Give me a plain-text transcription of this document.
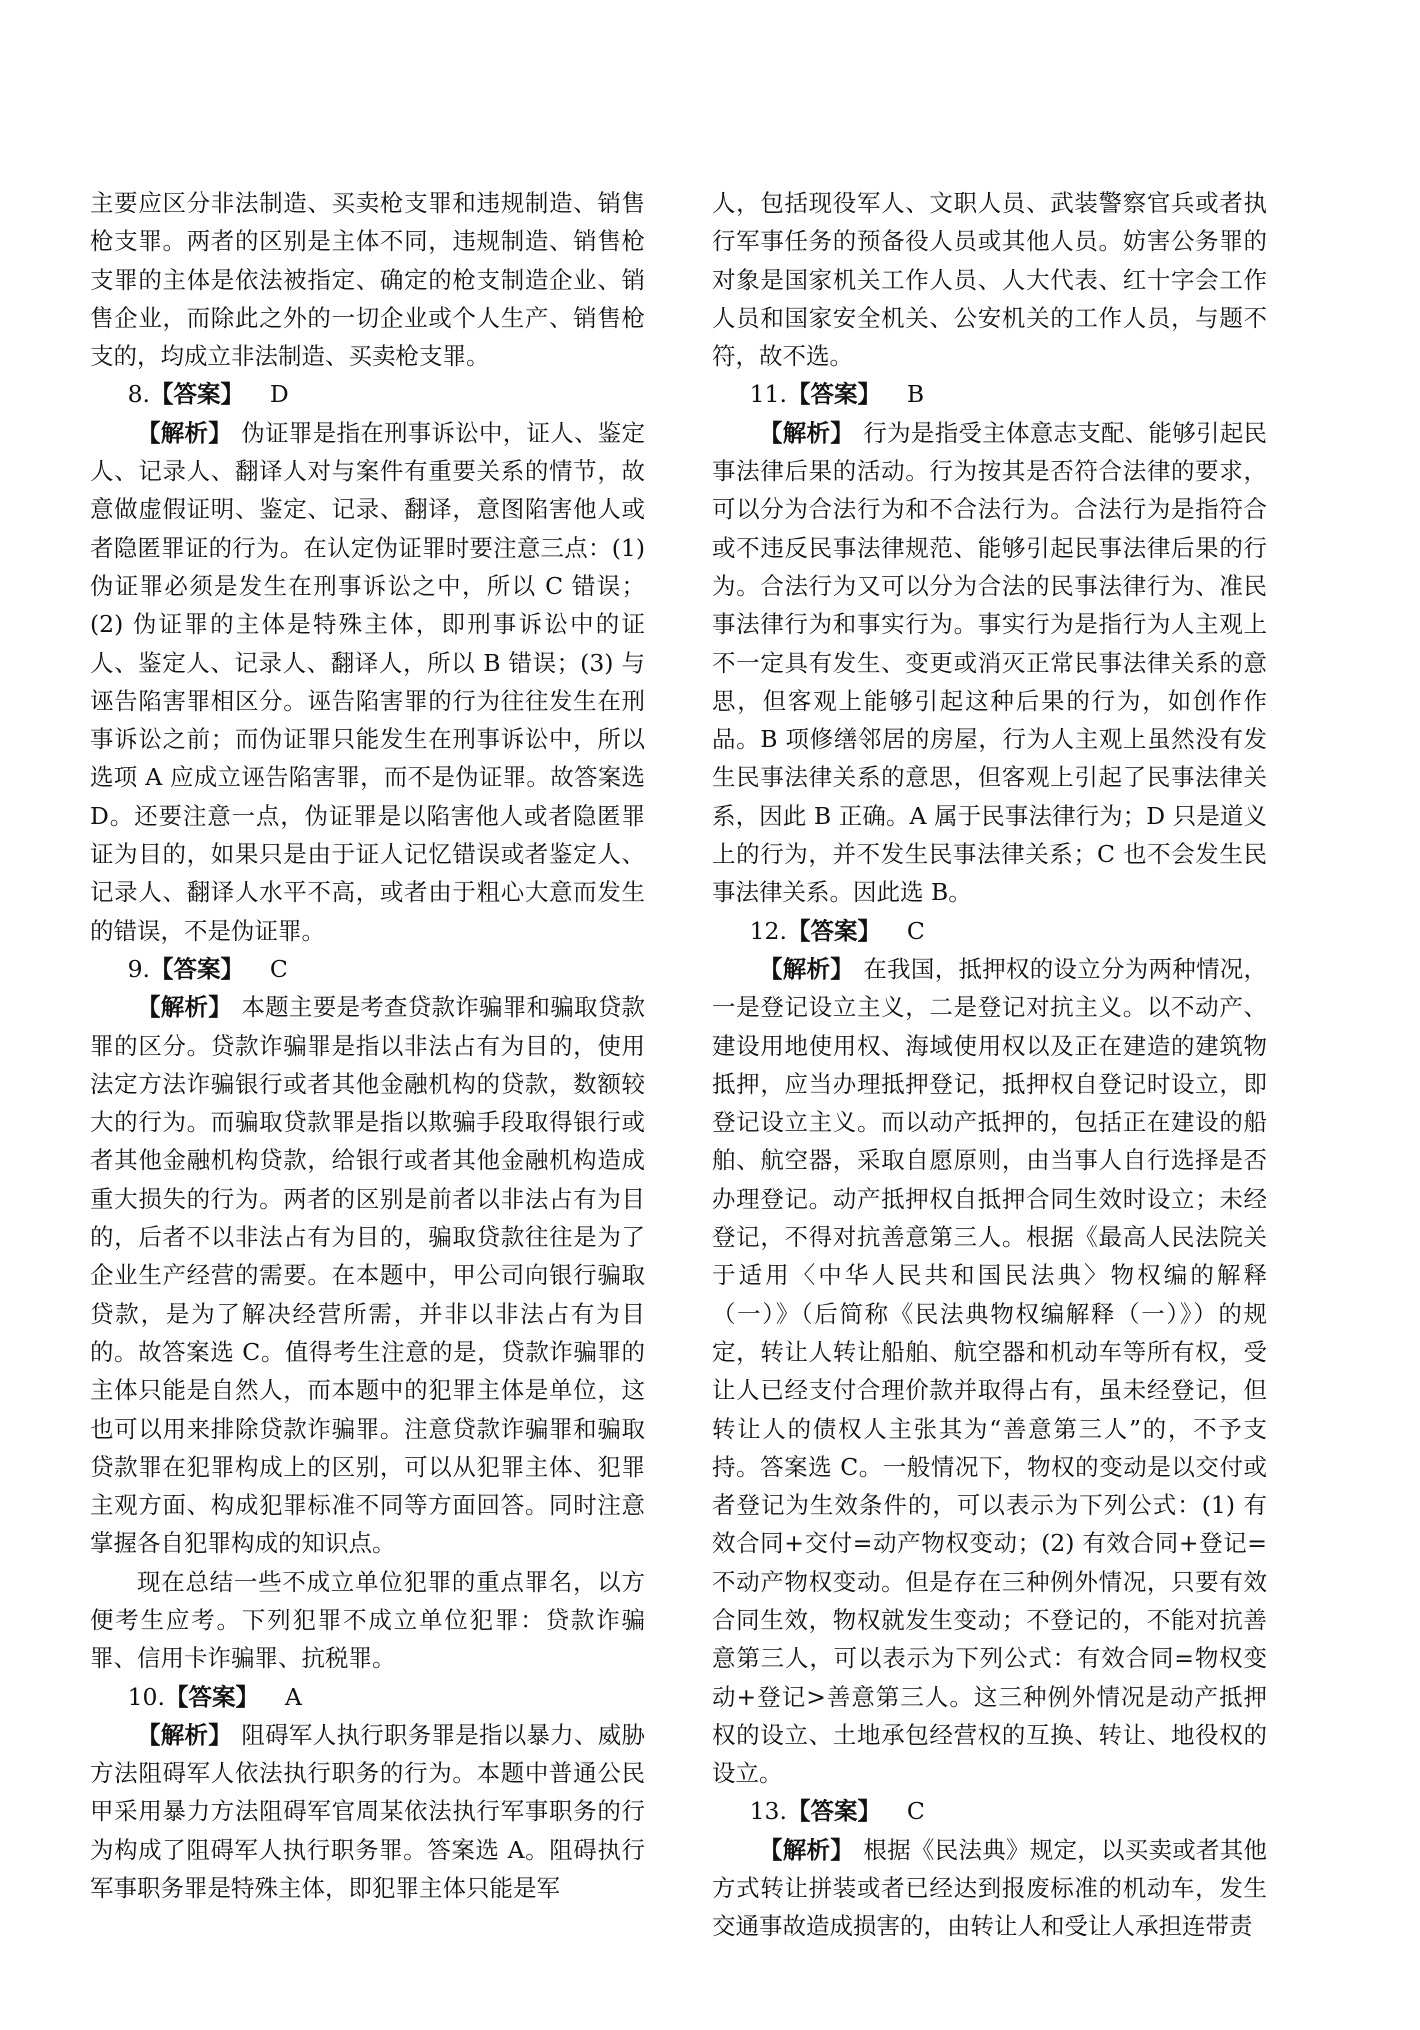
主要应区分非法制造、买卖枪支罪和违规制造、销售枪支罪。两者的区别是主体不同，违规制造、销售枪支罪的主体是依法被指定、确定的枪支制造企业、销售企业，而除此之外的一切企业或个人生产、销售枪支的，均成立非法制造、买卖枪支罪。

8.【答案】 D

【解析】 伪证罪是指在刑事诉讼中，证人、鉴定人、记录人、翻译人对与案件有重要关系的情节，故意做虚假证明、鉴定、记录、翻译，意图陷害他人或者隐匿罪证的行为。在认定伪证罪时要注意三点：(1) 伪证罪必须是发生在刑事诉讼之中，所以 C 错误；(2) 伪证罪的主体是特殊主体，即刑事诉讼中的证人、鉴定人、记录人、翻译人，所以 B 错误；(3) 与诬告陷害罪相区分。诬告陷害罪的行为往往发生在刑事诉讼之前；而伪证罪只能发生在刑事诉讼中，所以选项 A 应成立诬告陷害罪，而不是伪证罪。故答案选 D。还要注意一点，伪证罪是以陷害他人或者隐匿罪证为目的，如果只是由于证人记忆错误或者鉴定人、记录人、翻译人水平不高，或者由于粗心大意而发生的错误，不是伪证罪。

9.【答案】 C

【解析】 本题主要是考查贷款诈骗罪和骗取贷款罪的区分。贷款诈骗罪是指以非法占有为目的，使用法定方法诈骗银行或者其他金融机构的贷款，数额较大的行为。而骗取贷款罪是指以欺骗手段取得银行或者其他金融机构贷款，给银行或者其他金融机构造成重大损失的行为。两者的区别是前者以非法占有为目的，后者不以非法占有为目的，骗取贷款往往是为了企业生产经营的需要。在本题中，甲公司向银行骗取贷款，是为了解决经营所需，并非以非法占有为目的。故答案选 C。值得考生注意的是，贷款诈骗罪的主体只能是自然人，而本题中的犯罪主体是单位，这也可以用来排除贷款诈骗罪。注意贷款诈骗罪和骗取贷款罪在犯罪构成上的区别，可以从犯罪主体、犯罪主观方面、构成犯罪标准不同等方面回答。同时注意掌握各自犯罪构成的知识点。

现在总结一些不成立单位犯罪的重点罪名，以方便考生应考。下列犯罪不成立单位犯罪：贷款诈骗罪、信用卡诈骗罪、抗税罪。

10.【答案】 A

【解析】 阻碍军人执行职务罪是指以暴力、威胁方法阻碍军人依法执行职务的行为。本题中普通公民甲采用暴力方法阻碍军官周某依法执行军事职务的行为构成了阻碍军人执行职务罪。答案选 A。阻碍执行军事职务罪是特殊主体，即犯罪主体只能是军

人，包括现役军人、文职人员、武装警察官兵或者执行军事任务的预备役人员或其他人员。妨害公务罪的对象是国家机关工作人员、人大代表、红十字会工作人员和国家安全机关、公安机关的工作人员，与题不符，故不选。

11.【答案】 B

【解析】 行为是指受主体意志支配、能够引起民事法律后果的活动。行为按其是否符合法律的要求，可以分为合法行为和不合法行为。合法行为是指符合或不违反民事法律规范、能够引起民事法律后果的行为。合法行为又可以分为合法的民事法律行为、准民事法律行为和事实行为。事实行为是指行为人主观上不一定具有发生、变更或消灭正常民事法律关系的意思，但客观上能够引起这种后果的行为，如创作作品。B 项修缮邻居的房屋，行为人主观上虽然没有发生民事法律关系的意思，但客观上引起了民事法律关系，因此 B 正确。A 属于民事法律行为；D 只是道义上的行为，并不发生民事法律关系；C 也不会发生民事法律关系。因此选 B。

12.【答案】 C

【解析】 在我国，抵押权的设立分为两种情况，一是登记设立主义，二是登记对抗主义。以不动产、建设用地使用权、海域使用权以及正在建造的建筑物抵押，应当办理抵押登记，抵押权自登记时设立，即登记设立主义。而以动产抵押的，包括正在建设的船舶、航空器，采取自愿原则，由当事人自行选择是否办理登记。动产抵押权自抵押合同生效时设立；未经登记，不得对抗善意第三人。根据《最高人民法院关于适用〈中华人民共和国民法典〉物权编的解释（一）》（后简称《民法典物权编解释（一）》）的规定，转让人转让船舶、航空器和机动车等所有权，受让人已经支付合理价款并取得占有，虽未经登记，但转让人的债权人主张其为“善意第三人”的，不予支持。答案选 C。一般情况下，物权的变动是以交付或者登记为生效条件的，可以表示为下列公式：(1) 有效合同+交付=动产物权变动；(2) 有效合同+登记=不动产物权变动。但是存在三种例外情况，只要有效合同生效，物权就发生变动；不登记的，不能对抗善意第三人，可以表示为下列公式：有效合同=物权变动+登记>善意第三人。这三种例外情况是动产抵押权的设立、土地承包经营权的互换、转让、地役权的设立。

13.【答案】 C

【解析】 根据《民法典》规定，以买卖或者其他方式转让拼装或者已经达到报废标准的机动车，发生交通事故造成损害的，由转让人和受让人承担连带责
